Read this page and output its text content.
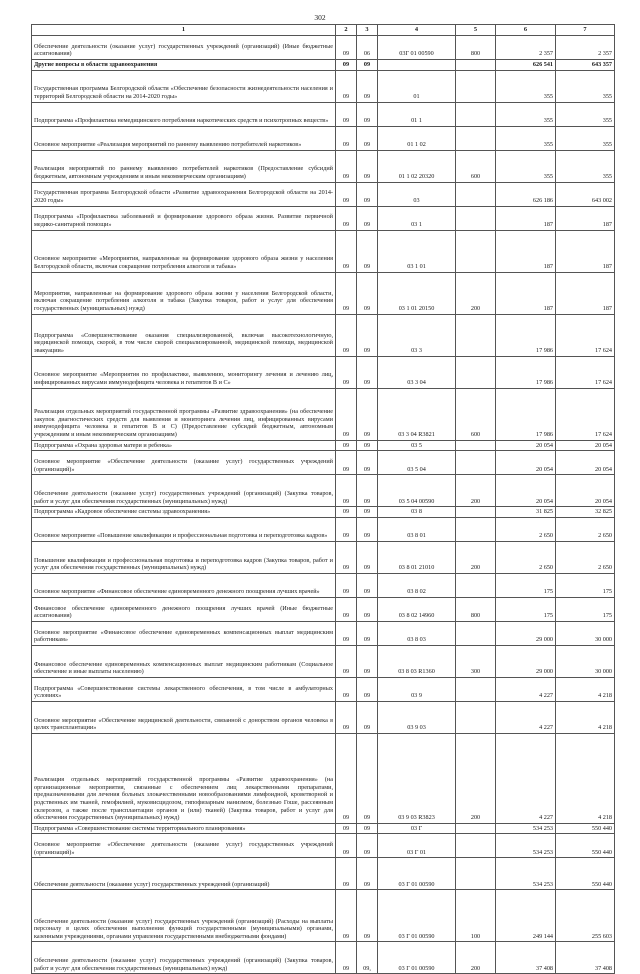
302
1	2	3	4	5	6	7
Обеспечение деятельности (оказание услуг) государственных учреждений (организаций) (Иные бюджетные ассигнования)	09	06	03Г 01 00590	800	2 357	2 357
Другие вопросы в области здравоохранения	09	09			626 541	643 357
Государственная программа Белгородской области «Обеспечение безопасности жизнедеятельности населения и территорий Белгородской области на 2014-2020 годы»	09	09	01		355	355
Подпрограмма «Профилактика немедицинского потребления наркотических средств и психотропных веществ»	09	09	01 1		355	355
Основное мероприятие «Реализация мероприятий по раннему выявлению потребителей наркотиков»	09	09	01 1 02		355	355
Реализация мероприятий по раннему выявлению потребителей наркотиков (Предоставление субсидий бюджетным, автономным учреждениям и иным некоммерческим организациям)	09	09	01 1 02 20320	600	355	355
Государственная программа Белгородской области «Развитие здравоохранения Белгородской области на 2014-2020 годы»	09	09	03		626 186	643 002
Подпрограмма «Профилактика заболеваний и формирование здорового образа жизни. Развитие первичной медико-санитарной помощи»	09	09	03 1		187	187
Основное мероприятие «Мероприятия, направленные на формирование здорового образа жизни у населения Белгородской области, включая сокращение потребления алкоголя и табака»	09	09	03 1 01		187	187
Мероприятия, направленные на формирование здорового образа жизни у населения Белгородской области, включая сокращение потребления алкоголя и табака (Закупка товаров, работ и услуг для обеспечения государственных (муниципальных) нужд)	09	09	03 1 01 20150	200	187	187
Подпрограмма «Совершенствование оказания специализированной, включая высокотехнологичную, медицинской помощи, скорой, в том числе скорой специализированной, медицинской помощи, медицинской эвакуации»	09	09	03 3		17 986	17 624
Основное мероприятие «Мероприятия по профилактике, выявлению, мониторингу лечения и лечению лиц, инфицированных вирусами иммунодефицита человека и гепатитов В и С»	09	09	03 3 04		17 986	17 624
Реализация отдельных мероприятий государственной программы «Развитие здравоохранения» (на обеспечение закупок диагностических средств для выявления и мониторинга лечения лиц, инфицированных вирусами иммунодефицита человека и гепатитов В и С) (Предоставление субсидий бюджетным, автономным учреждениям и иным некоммерческим организациям)	09	09	03 3 04 R3821	600	17 986	17 624
Подпрограмма «Охрана здоровья матери и ребенка»	09	09	03 5		20 054	20 054
Основное мероприятие «Обеспечение деятельности (оказание услуг) государственных учреждений (организаций)»	09	09	03 5 04		20 054	20 054
Обеспечение деятельности (оказание услуг) государственных учреждений (организаций) (Закупка товаров, работ и услуг для обеспечения государственных (муниципальных) нужд)	09	09	03 5 04 00590	200	20 054	20 054
Подпрограмма «Кадровое обеспечение системы здравоохранения»	09	09	03 8		31 825	32 825
Основное мероприятие «Повышение квалификации и профессиональная подготовка и переподготовка кадров»	09	09	03 8 01		2 650	2 650
Повышение квалификации и профессиональная подготовка и переподготовка кадров (Закупка товаров, работ и услуг для обеспечения государственных (муниципальных) нужд)	09	09	03 8 01 21010	200	2 650	2 650
Основное мероприятие «Финансовое обеспечение единовременного денежного поощрения лучших врачей»	09	09	03 8 02		175	175
Финансовое обеспечение единовременного денежного поощрения лучших врачей (Иные бюджетные ассигнования)	09	09	03 8 02 14960	800	175	175
Основное мероприятие «Финансовое обеспечение единовременных компенсационных выплат медицинским работникам»	09	09	03 8 03		29 000	30 000
Финансовое обеспечение единовременных компенсационных выплат медицинским работникам (Социальное обеспечение и иные выплаты населению)	09	09	03 8 03 R1360	300	29 000	30 000
Подпрограмма «Совершенствование системы лекарственного обеспечения, в том числе в амбулаторных условиях»	09	09	03 9		4 227	4 218
Основное мероприятие «Обеспечение медицинской деятельности, связанной с донорством органов человека в целях трансплантации»	09	09	03 9 03		4 227	4 218
Реализация отдельных мероприятий государственной программы «Развитие здравоохранения» (на организационные мероприятия, связанные с обеспечением лиц лекарственными препаратами, предназначенными для лечения больных злокачественными новообразованиями лимфоидной, кроветворной и родственных им тканей, гемофилией, муковисцидозом, гипофизарным нанизмом, болезнью Гоше, рассеянным склерозом, а также после трансплантации органов и (или) тканей) (Закупка товаров, работ и услуг для обеспечения государственных (муниципальных) нужд)	09	09	03 9 03 R3823	200	4 227	4 218
Подпрограмма «Совершенствование системы территориального планирования»	09	09	03 Г		534 253	550 440
Основное мероприятие «Обеспечение деятельности (оказание услуг) государственных учреждений (организаций)»	09	09	03 Г 01		534 253	550 440
Обеспечение деятельности (оказание услуг) государственных учреждений (организаций)	09	09	03 Г 01 00590		534 253	550 440
Обеспечение деятельности (оказание услуг) государственных учреждений (организаций) (Расходы на выплаты персоналу в целях обеспечения выполнения функций государственными (муниципальными) органами, казенными учреждениями, органами управления государственными внебюджетными фондами)	09	09	03 Г 01 00590	100	249 144	255 603
Обеспечение деятельности (оказание услуг) государственных учреждений (организаций) (Закупка товаров, работ и услуг для обеспечения государственных (муниципальных) нужд)	09	09,	03 Г 01 00590	200	37 408	37 408
